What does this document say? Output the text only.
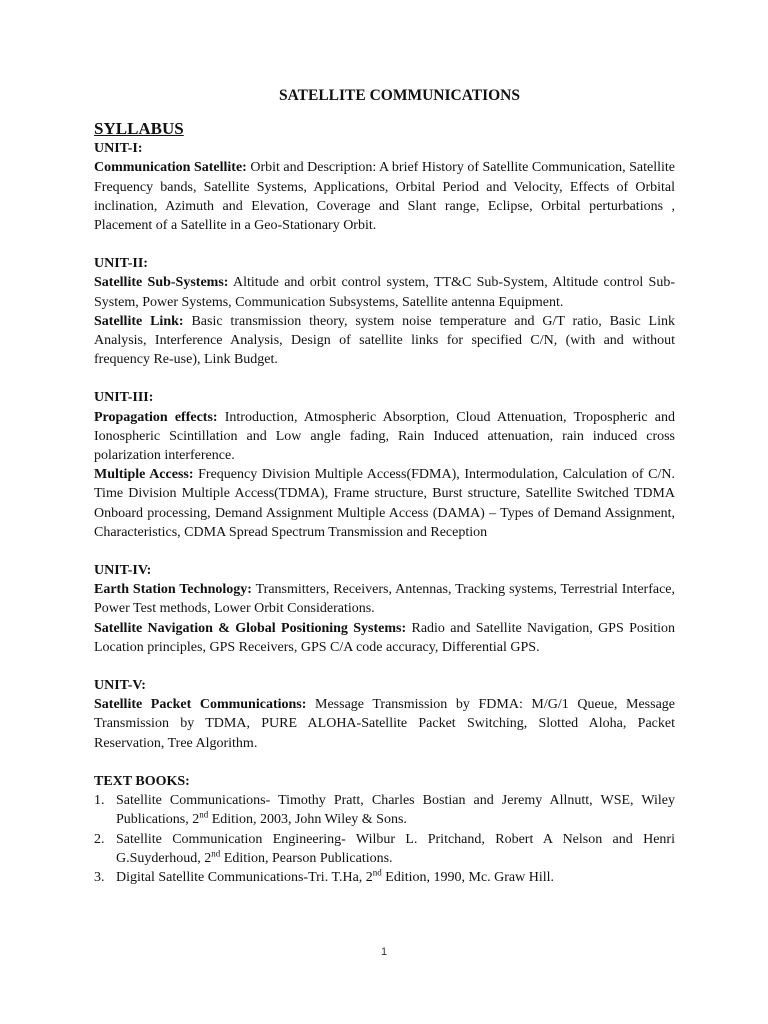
SATELLITE COMMUNICATIONS
SYLLABUS
UNIT-I:

Communication Satellite: Orbit and Description: A brief History of Satellite Communication, Satellite Frequency bands, Satellite Systems, Applications, Orbital Period and Velocity, Effects of Orbital inclination, Azimuth and Elevation, Coverage and Slant range, Eclipse, Orbital perturbations , Placement of a Satellite in a Geo-Stationary Orbit.

UNIT-II:

Satellite Sub-Systems: Altitude and orbit control system, TT&C Sub-System, Altitude control Sub-System, Power Systems, Communication Subsystems, Satellite antenna Equipment.

Satellite Link: Basic transmission theory, system noise temperature and G/T ratio, Basic Link Analysis, Interference Analysis, Design of satellite links for specified C/N, (with and without frequency Re-use), Link Budget.

UNIT-III:

Propagation effects: Introduction, Atmospheric Absorption, Cloud Attenuation, Tropospheric and Ionospheric Scintillation and Low angle fading, Rain Induced attenuation, rain induced cross polarization interference.

Multiple Access: Frequency Division Multiple Access(FDMA), Intermodulation, Calculation of C/N. Time Division Multiple Access(TDMA), Frame structure, Burst structure, Satellite Switched TDMA Onboard processing, Demand Assignment Multiple Access (DAMA) – Types of Demand Assignment, Characteristics, CDMA Spread Spectrum Transmission and Reception

UNIT-IV:

Earth Station Technology: Transmitters, Receivers, Antennas, Tracking systems, Terrestrial Interface, Power Test methods, Lower Orbit Considerations.

Satellite Navigation & Global Positioning Systems: Radio and Satellite Navigation, GPS Position Location principles, GPS Receivers, GPS C/A code accuracy, Differential GPS.

UNIT-V:

Satellite Packet Communications: Message Transmission by FDMA: M/G/1 Queue, Message Transmission by TDMA, PURE ALOHA-Satellite Packet Switching, Slotted Aloha, Packet Reservation, Tree Algorithm.

TEXT BOOKS:
1. Satellite Communications- Timothy Pratt, Charles Bostian and Jeremy Allnutt, WSE, Wiley Publications, 2nd Edition, 2003, John Wiley & Sons.
2. Satellite Communication Engineering- Wilbur L. Pritchand, Robert A Nelson and Henri G.Suyderhoud, 2nd Edition, Pearson Publications.
3. Digital Satellite Communications-Tri. T.Ha, 2nd Edition, 1990, Mc. Graw Hill.
1
